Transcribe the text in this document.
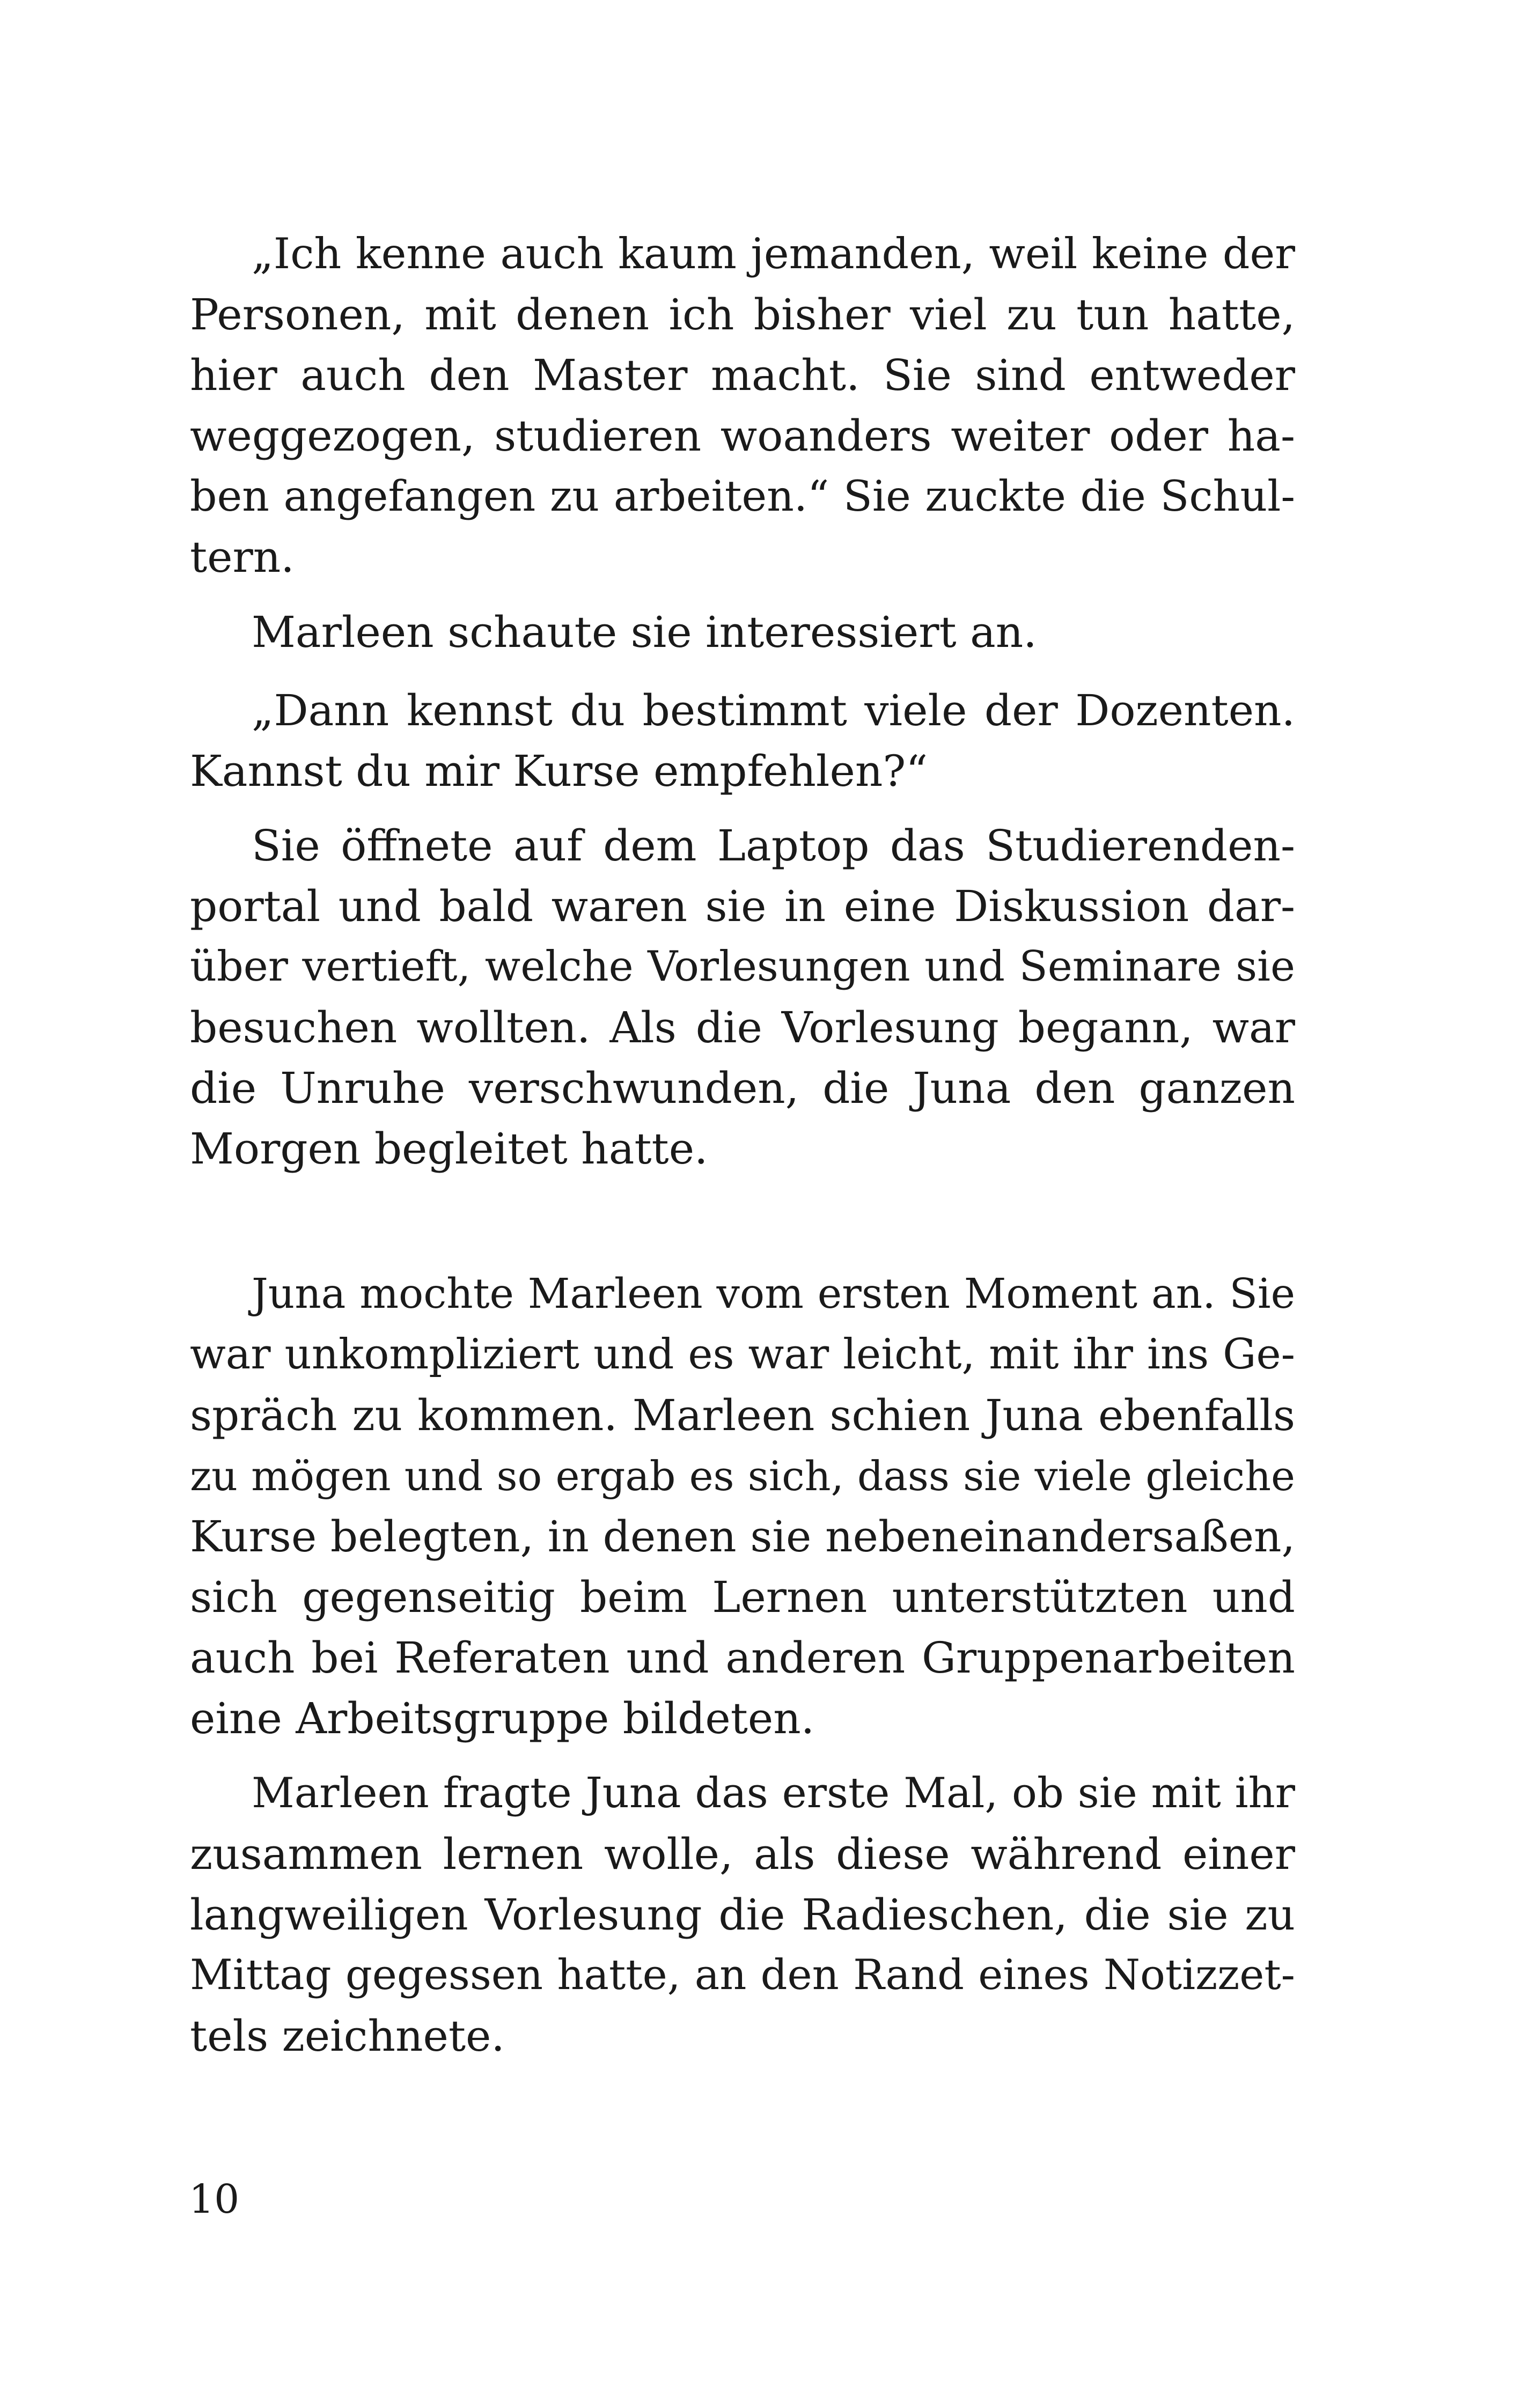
„Ich kenne auch kaum jemanden, weil keine der
Personen, mit denen ich bisher viel zu tun hatte,
hier auch den Master macht. Sie sind entweder
weggezogen, studieren woanders weiter oder ha-
ben angefangen zu arbeiten.“ Sie zuckte die Schul-
tern.
Marleen schaute sie interessiert an.
„Dann kennst du bestimmt viele der Dozenten.
Kannst du mir Kurse empfehlen?“
Sie öffnete auf dem Laptop das Studierenden-
portal und bald waren sie in eine Diskussion dar-
über vertieft, welche Vorlesungen und Seminare sie
besuchen wollten. Als die Vorlesung begann, war
die Unruhe verschwunden, die Juna den ganzen
Morgen begleitet hatte.
Juna mochte Marleen vom ersten Moment an. Sie
war unkompliziert und es war leicht, mit ihr ins Ge-
spräch zu kommen. Marleen schien Juna ebenfalls
zu mögen und so ergab es sich, dass sie viele gleiche
Kurse belegten, in denen sie nebeneinandersaßen,
sich gegenseitig beim Lernen unterstützten und
auch bei Referaten und anderen Gruppenarbeiten
eine Arbeitsgruppe bildeten.
Marleen fragte Juna das erste Mal, ob sie mit ihr
zusammen lernen wolle, als diese während einer
langweiligen Vorlesung die Radieschen, die sie zu
Mittag gegessen hatte, an den Rand eines Notizzet-
tels zeichnete.
10
